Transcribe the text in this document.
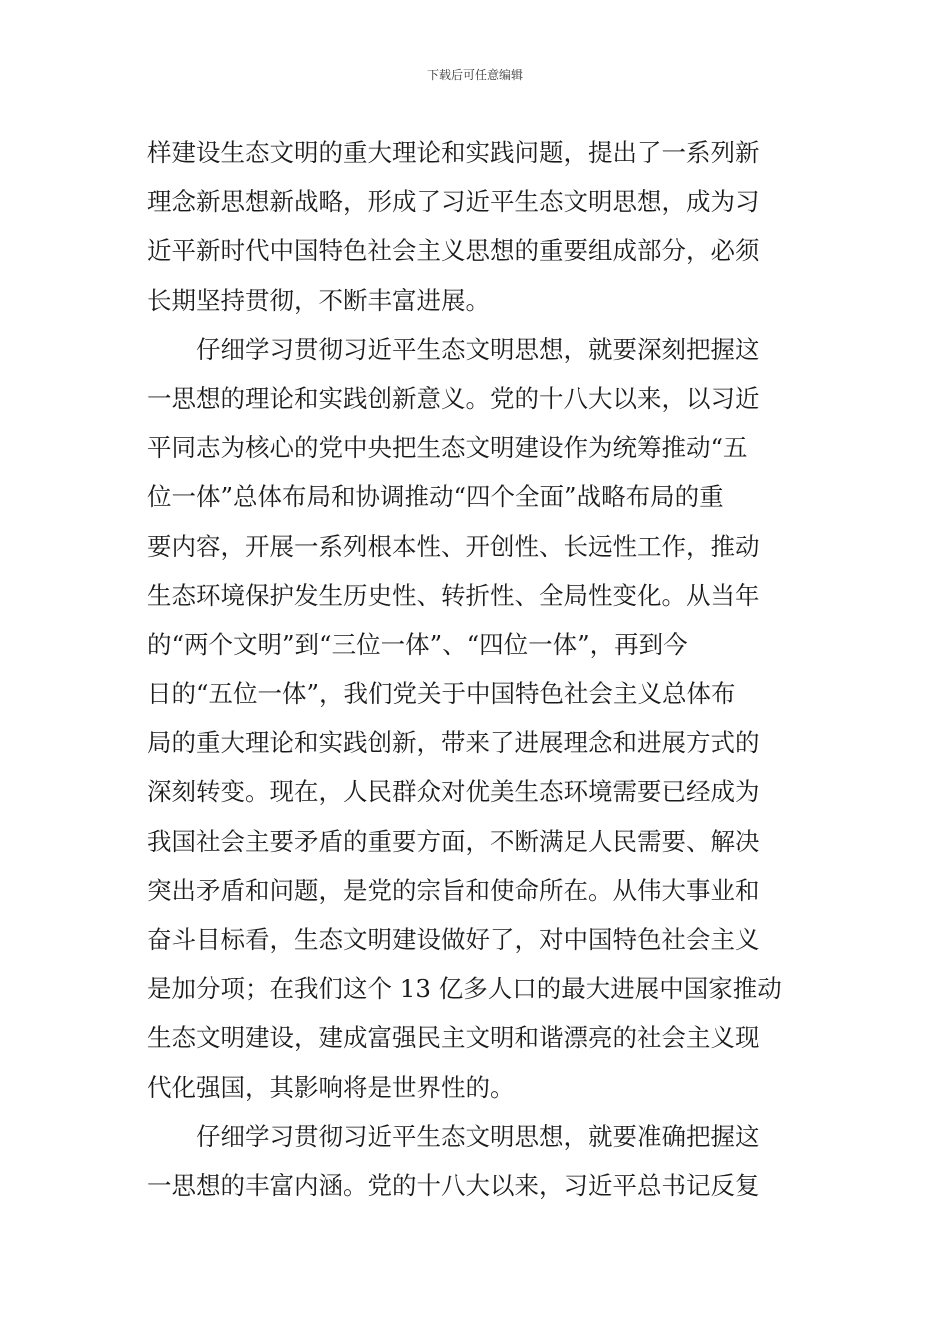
下载后可任意编辑
样建设生态文明的重大理论和实践问题，提出了一系列新
理念新思想新战略，形成了习近平生态文明思想，成为习
近平新时代中国特色社会主义思想的重要组成部分，必须
长期坚持贯彻，不断丰富进展。
仔细学习贯彻习近平生态文明思想，就要深刻把握这
一思想的理论和实践创新意义。党的十八大以来，以习近
平同志为核心的党中央把生态文明建设作为统筹推动“五
位一体”总体布局和协调推动“四个全面”战略布局的重
要内容，开展一系列根本性、开创性、长远性工作，推动
生态环境保护发生历史性、转折性、全局性变化。从当年
的“两个文明”到“三位一体”、“四位一体”，再到今
日的“五位一体”，我们党关于中国特色社会主义总体布
局的重大理论和实践创新，带来了进展理念和进展方式的
深刻转变。现在，人民群众对优美生态环境需要已经成为
我国社会主要矛盾的重要方面，不断满足人民需要、解决
突出矛盾和问题，是党的宗旨和使命所在。从伟大事业和
奋斗目标看，生态文明建设做好了，对中国特色社会主义
是加分项；在我们这个 13 亿多人口的最大进展中国家推动
生态文明建设，建成富强民主文明和谐漂亮的社会主义现
代化强国，其影响将是世界性的。
仔细学习贯彻习近平生态文明思想，就要准确把握这
一思想的丰富内涵。党的十八大以来，习近平总书记反复
